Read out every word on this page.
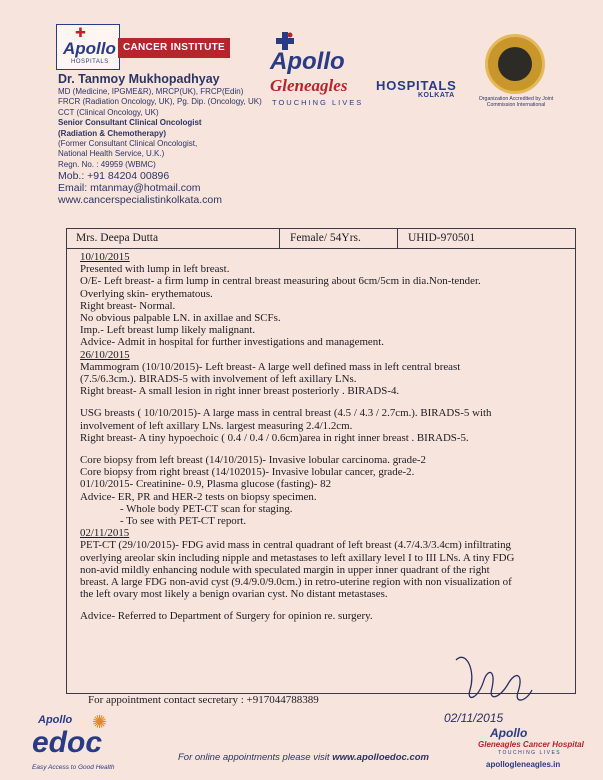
✚
Apollo
HOSPITALS
CANCER INSTITUTE
Dr. Tanmoy Mukhopadhyay
MD (Medicine, IPGME&R), MRCP(UK), FRCP(Edin)
FRCR (Radiation Oncology, UK), Pg. Dip. (Oncology, UK)
CCT (Clinical Oncology, UK)
Senior Consultant Clinical Oncologist
(Radiation & Chemotherapy)
(Former Consultant Clinical Oncologist,
National Health Service, U.K.)
Regn. No. : 49959 (WBMC)
Mob.: +91 84204 00896
Email: mtanmay@hotmail.com
www.cancerspecialistinkolkata.com
Apollo
Gleneagles HOSPITALS
KOLKATA
TOUCHING LIVES	Organization Accredited by Joint Commission International
Mrs. Deepa Dutta	Female/ 54Yrs.	UHID-970501

10/10/2015

Presented with lump in left breast.

O/E- Left breast- a firm lump in central breast measuring about 6cm/5cm in dia.Non-tender.

Overlying skin- erythematous.

Right breast- Normal.

No obvious palpable LN. in axillae and SCFs.

Imp.- Left breast lump likely malignant.

Advice- Admit in hospital for further investigations and management.

26/10/2015

Mammogram (10/10/2015)- Left breast- A large well defined mass in left central breast

(7.5/6.3cm.). BIRADS-5 with involvement of left axillary LNs.

Right breast- A small lesion in right inner breast posteriorly . BIRADS-4.

USG breasts ( 10/10/2015)- A large mass in central breast (4.5 / 4.3 / 2.7cm.). BIRADS-5 with

involvement of left axillary LNs. largest measuring 2.4/1.2cm.

Right breast- A tiny hypoechoic ( 0.4 / 0.4 / 0.6cm)area in right inner breast . BIRADS-5.

Core biopsy from left breast (14/10/2015)- Invasive lobular carcinoma. grade-2

Core biopsy from right breast (14/102015)- Invasive lobular cancer, grade-2.

01/10/2015- Creatinine- 0.9, Plasma glucose (fasting)- 82

Advice- ER, PR and HER-2 tests on biopsy specimen.

- Whole body PET-CT scan for staging.

- To see with PET-CT report.

02/11/2015

PET-CT (29/10/2015)- FDG avid mass in central quadrant of left breast (4.7/4.3/3.4cm) infiltrating

overlying areolar skin including nipple and metastases to left axillary level I to III LNs. A tiny FDG

non-avid mildly enhancing nodule with speculated margin in upper inner quadrant of the right

breast. A large FDG non-avid cyst (9.4/9.0/9.0cm.) in retro-uterine region with non visualization of

the left ovary most likely a benign ovarian cyst. No distant metastases.

Advice- Referred to Department of Surgery for opinion re. surgery.

For appointment contact secretary : +917044788389
02/11/2015
Apollo ✺
edoc
Easy Access to Good Health
For online appointments please visit www.apolloedoc.com
Apollo
Gleneagles Cancer Hospital
TOUCHING LIVES
apollogleneagles.in
